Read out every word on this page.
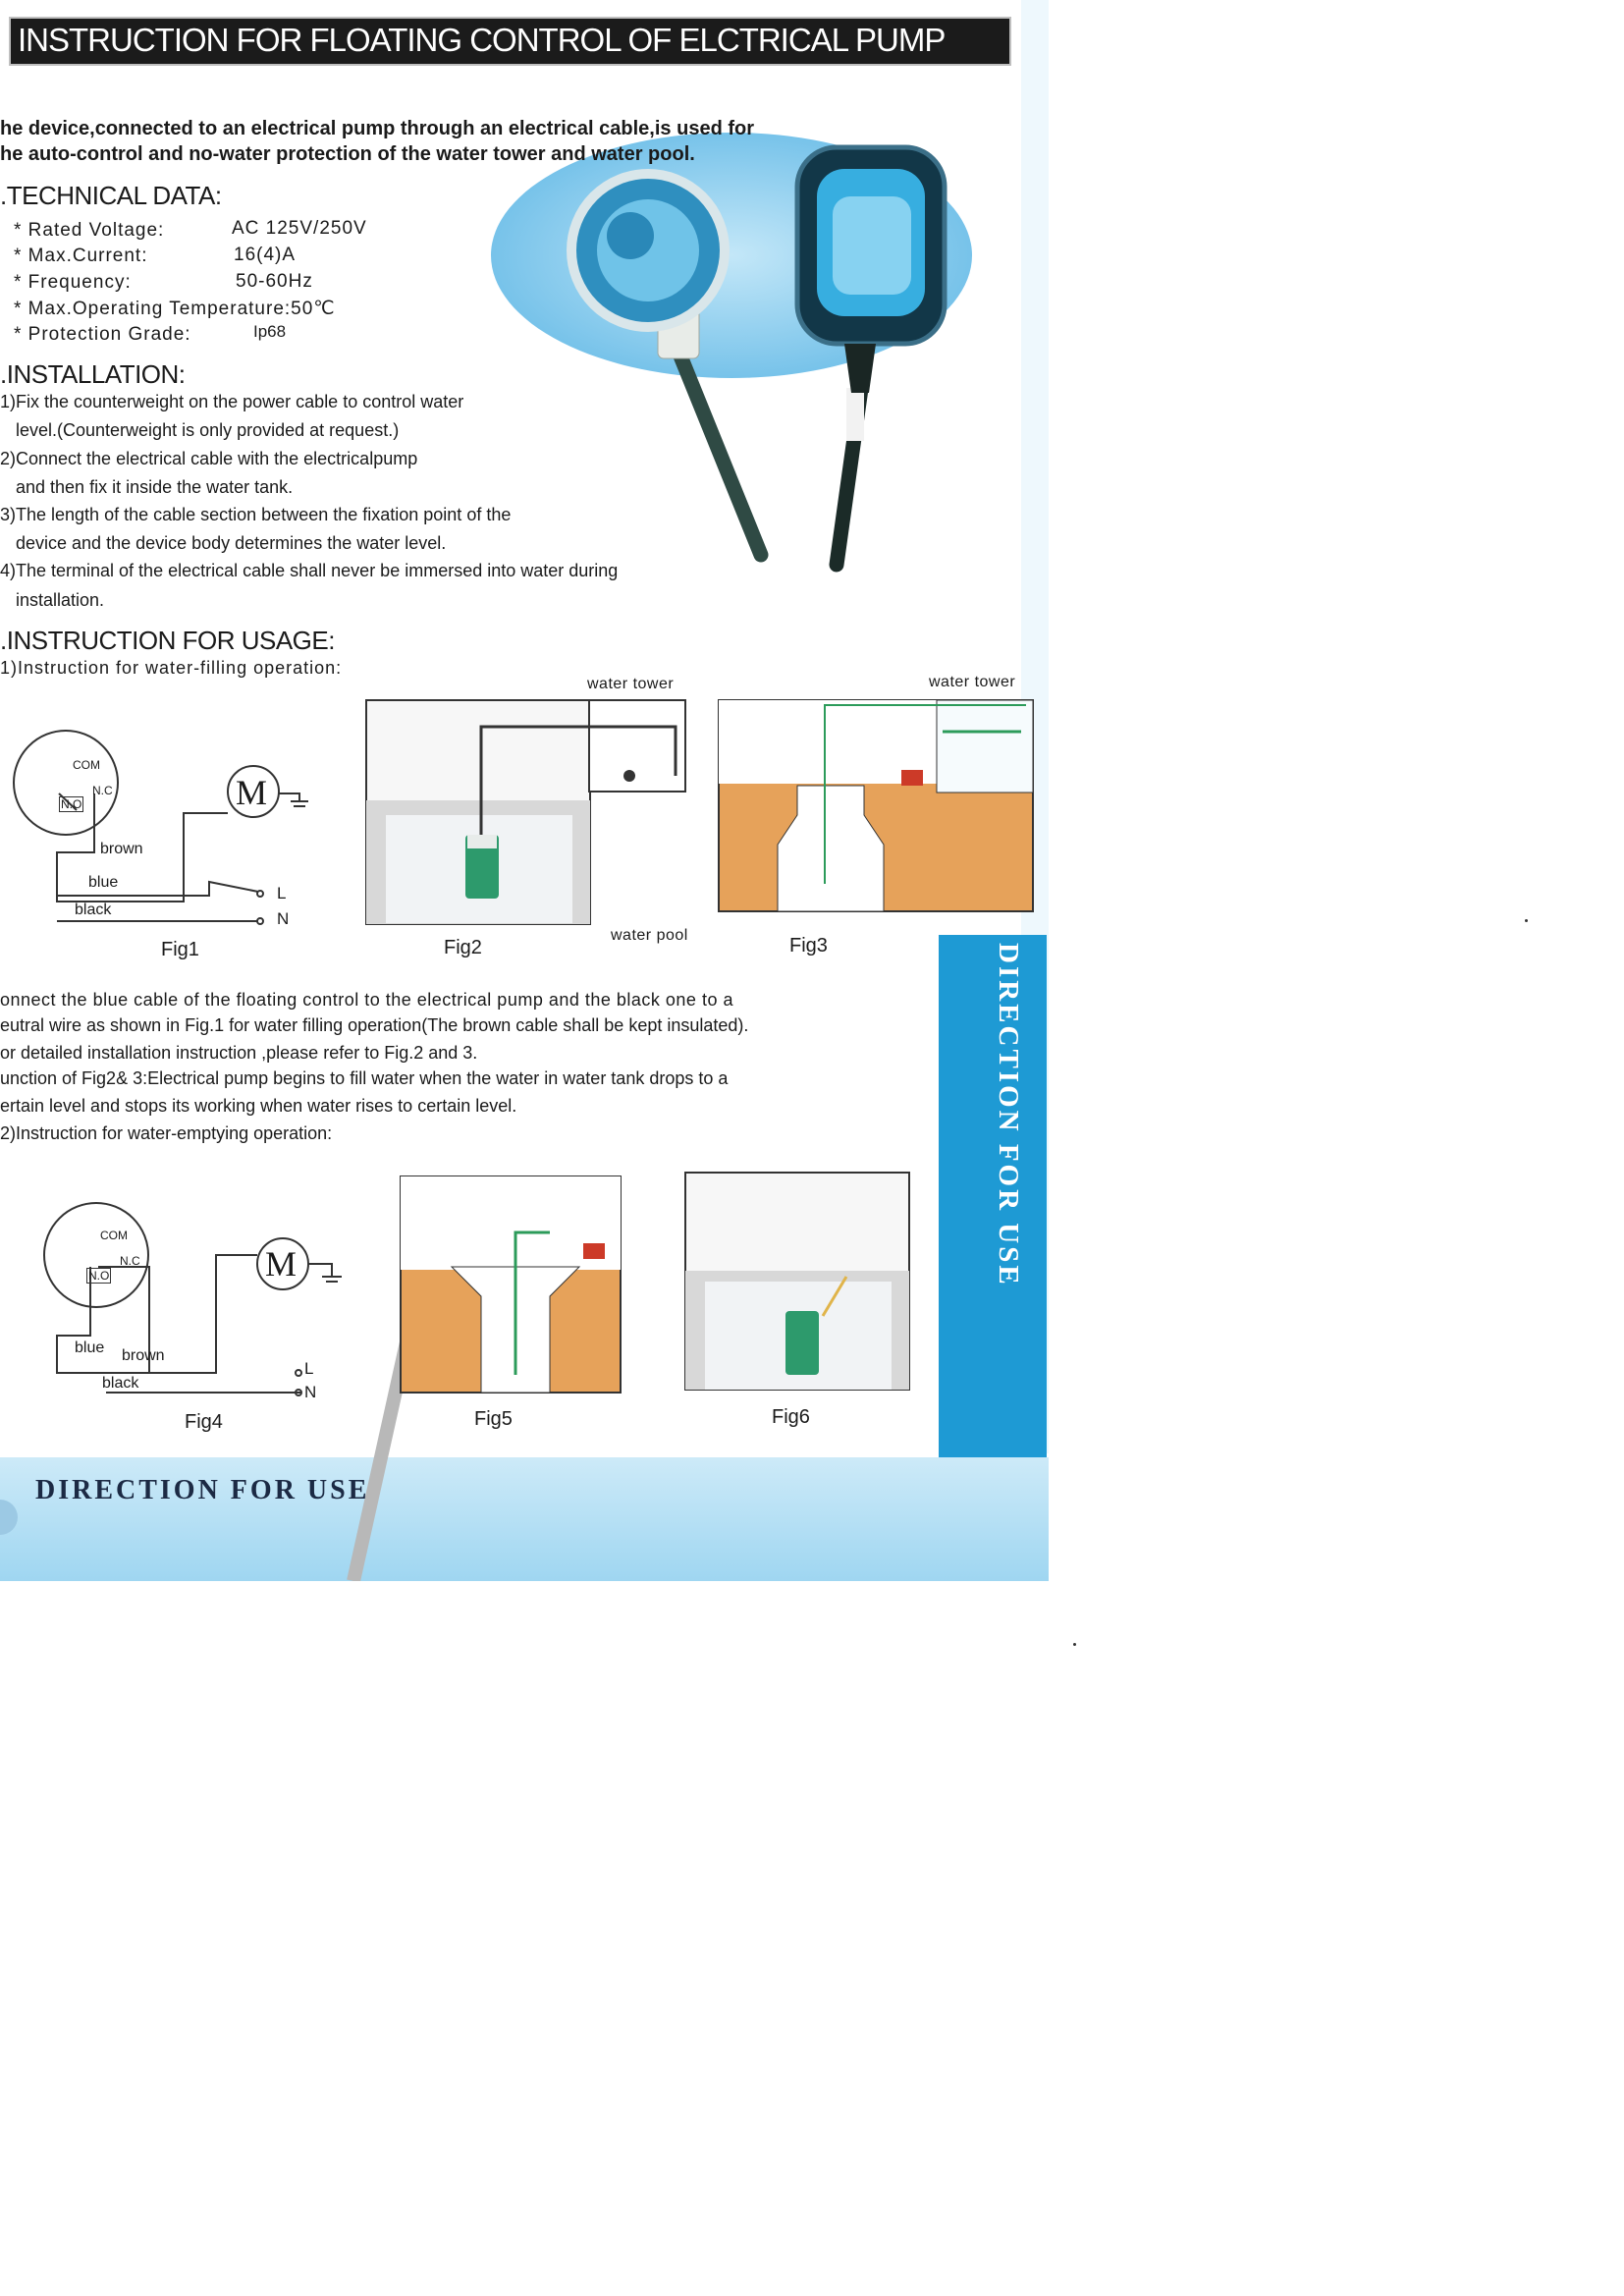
INSTRUCTION FOR FLOATING CONTROL OF ELCTRICAL PUMP
he device,connected to an electrical pump through an electrical cable,is used for
he auto-control and no-water protection of the water tower and water pool.
.TECHNICAL DATA:
* Rated Voltage:	AC 125V/250V
* Max.Current:	16(4)A
* Frequency:	50-60Hz
* Max.Operating Temperature:50℃
* Protection Grade:	Ip68
.INSTALLATION:
1)Fix the counterweight on the power cable to control water
level.(Counterweight is only provided at request.)
2)Connect the electrical cable with the electricalpump
and then fix it inside the water tank.
3)The length of the cable section between the fixation point of the
device and the device body determines the water level.
4)The terminal of the electrical cable shall never be immersed into water during
installation.
.INSTRUCTION FOR USAGE:
1)Instruction for water-filling operation:
water tower	water tower
water pool
COM
N.C
N.O	M
brown
blue
black
L
N
Fig1	Fig2	Fig3
onnect the blue cable of the floating control to the electrical pump and the black one to a
eutral wire as shown in Fig.1 for water filling operation(The brown cable shall be kept insulated).
or detailed installation instruction ,please refer to Fig.2 and 3.
unction of Fig2& 3:Electrical pump begins to fill water when the water in water tank drops to a
ertain level and stops its working when water rises to certain level.
2)Instruction for water-emptying operation:
COM
N.C
N.O	M
blue brown
black
L
N
Fig4	Fig5	Fig6
DIRECTION FOR USE
DIRECTION FOR USE
